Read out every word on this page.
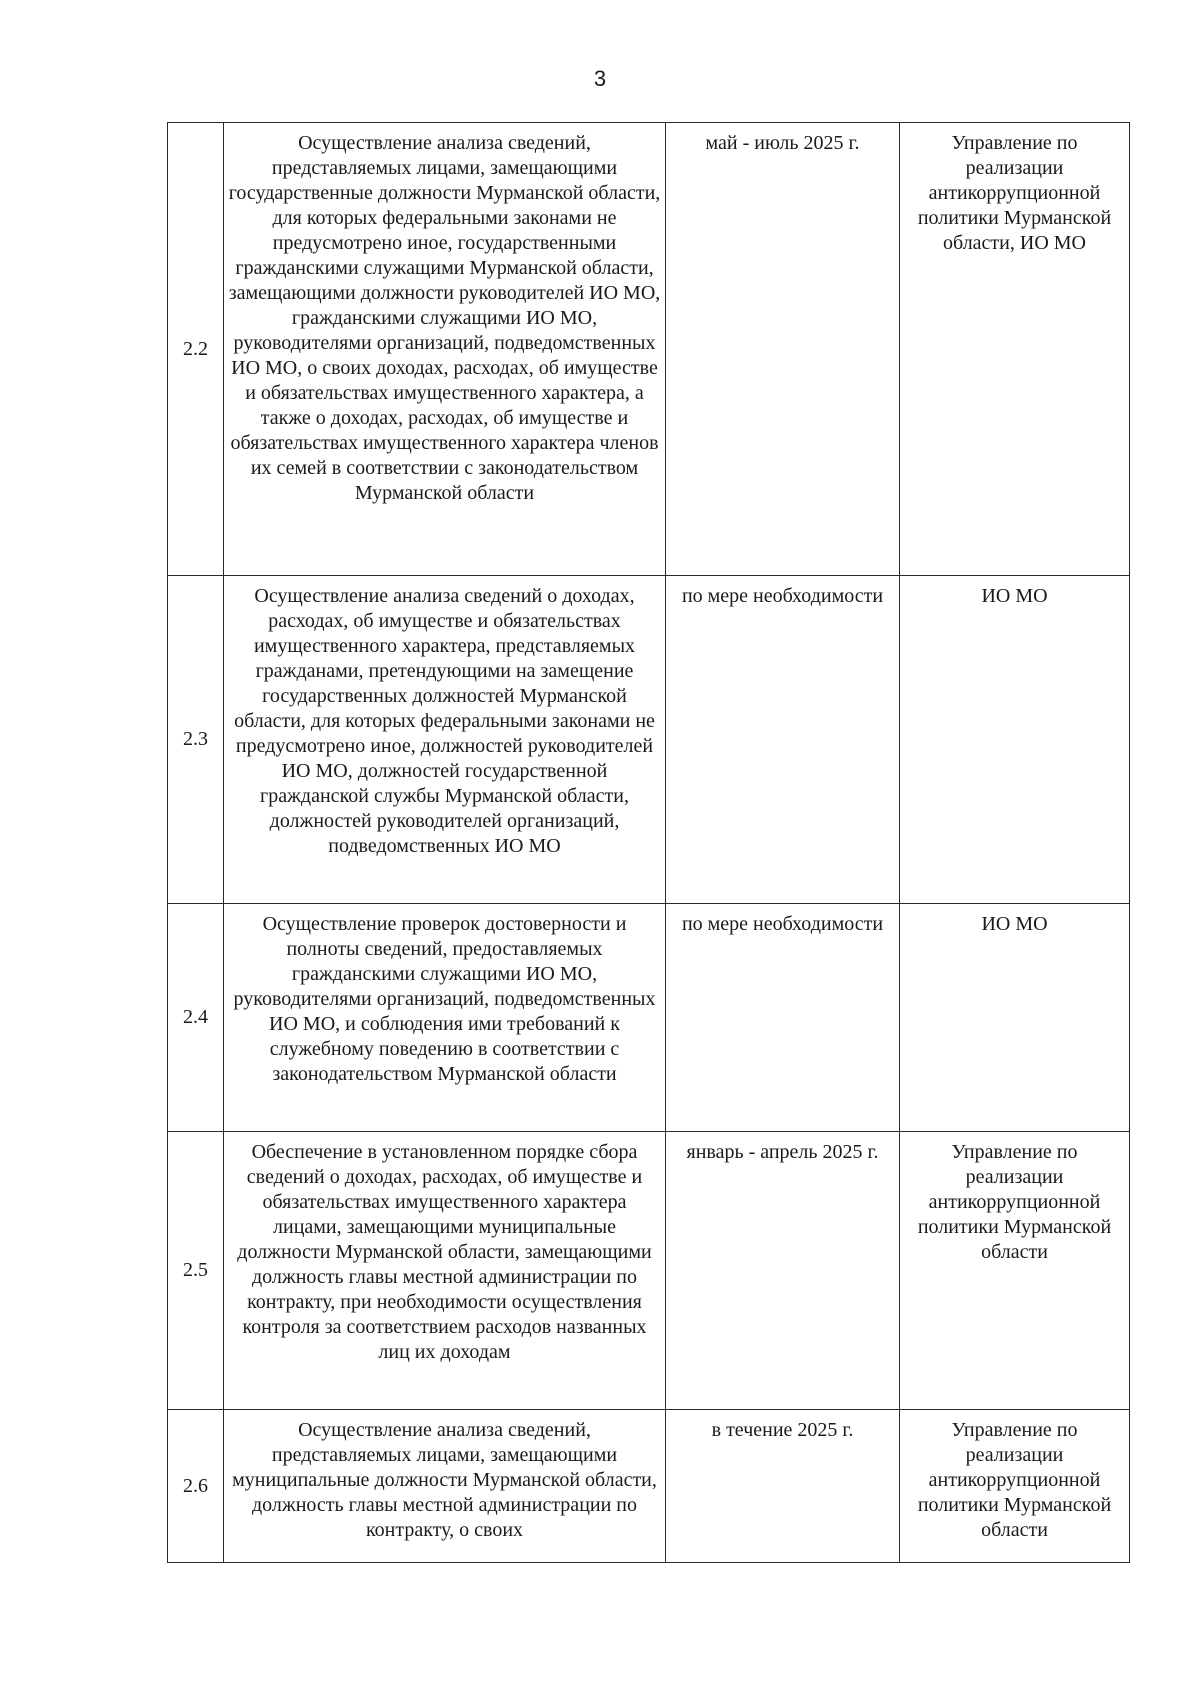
3
2.2	Осуществление анализа сведений, представляемых лицами, замещающими государственные должности Мурманской области, для которых федеральными законами не предусмотрено иное, государственными гражданскими служащими Мурманской области, замещающими должности руководителей ИО МО, гражданскими служащими ИО МО, руководителями организаций, подведомственных ИО МО, о своих доходах, расходах, об имуществе и обязательствах имущественного характера, а также о доходах, расходах, об имуществе и обязательствах имущественного характера членов их семей в соответствии с законодательством Мурманской области	май - июль 2025 г.	Управление по реализации антикоррупционной политики Мурманской области, ИО МО
2.3	Осуществление анализа сведений о доходах, расходах, об имуществе и обязательствах имущественного характера, представляемых гражданами, претендующими на замещение государственных должностей Мурманской области, для которых федеральными законами не предусмотрено иное, должностей руководителей ИО МО, должностей государственной гражданской службы Мурманской области, должностей руководителей организаций, подведомственных ИО МО	по мере необходимости	ИО МО
2.4	Осуществление проверок достоверности и полноты сведений, предоставляемых гражданскими служащими ИО МО, руководителями организаций, подведомственных ИО МО, и соблюдения ими требований к служебному поведению в соответствии с законодательством Мурманской области	по мере необходимости	ИО МО
2.5	Обеспечение в установленном порядке сбора сведений о доходах, расходах, об имуществе и обязательствах имущественного характера лицами, замещающими муниципальные должности Мурманской области, замещающими должность главы местной администрации по контракту, при необходимости осуществления контроля за соответствием расходов названных лиц их доходам	январь - апрель 2025 г.	Управление по реализации антикоррупционной политики Мурманской области
2.6	Осуществление анализа сведений, представляемых лицами, замещающими муниципальные должности Мурманской области, должность главы местной администрации по контракту, о своих	в течение 2025 г.	Управление по реализации антикоррупционной политики Мурманской области
